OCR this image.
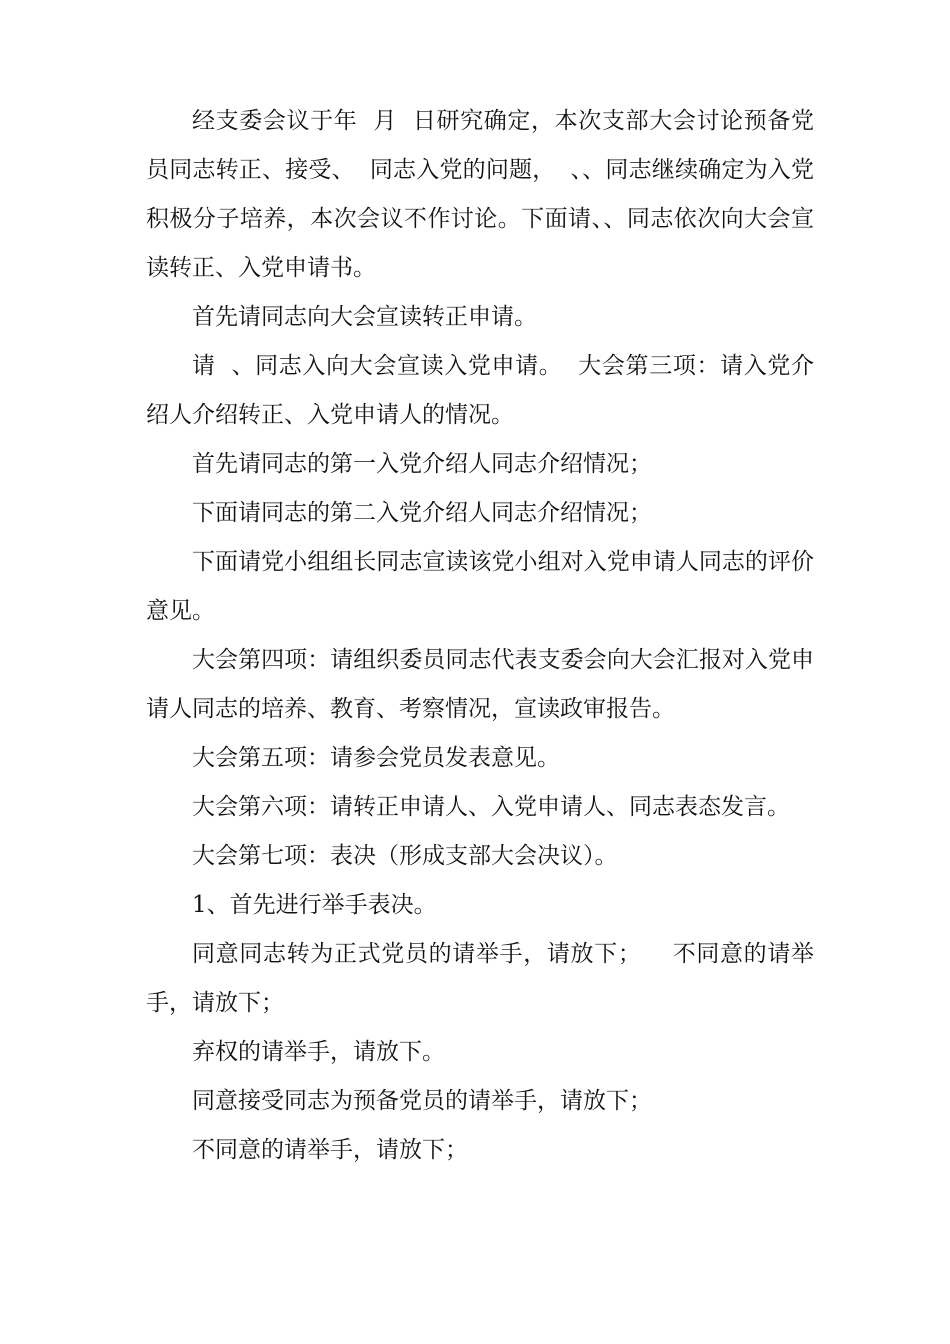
经支委会议于年  月  日研究确定，本次支部大会讨论预备党员同志转正、接受、  同志入党的问题，  、、同志继续确定为入党积极分子培养，本次会议不作讨论。下面请、、同志依次向大会宣读转正、入党申请书。

首先请同志向大会宣读转正申请。

请  、同志入向大会宣读入党申请。  大会第三项：请入党介绍人介绍转正、入党申请人的情况。

首先请同志的第一入党介绍人同志介绍情况；

下面请同志的第二入党介绍人同志介绍情况；

下面请党小组组长同志宣读该党小组对入党申请人同志的评价意见。

大会第四项：请组织委员同志代表支委会向大会汇报对入党申请人同志的培养、教育、考察情况，宣读政审报告。

大会第五项：请参会党员发表意见。

大会第六项：请转正申请人、入党申请人、同志表态发言。

大会第七项：表决（形成支部大会决议）。

1、首先进行举手表决。

同意同志转为正式党员的请举手，请放下；    不同意的请举手，请放下；

弃权的请举手，请放下。

同意接受同志为预备党员的请举手，请放下；

不同意的请举手，请放下；
